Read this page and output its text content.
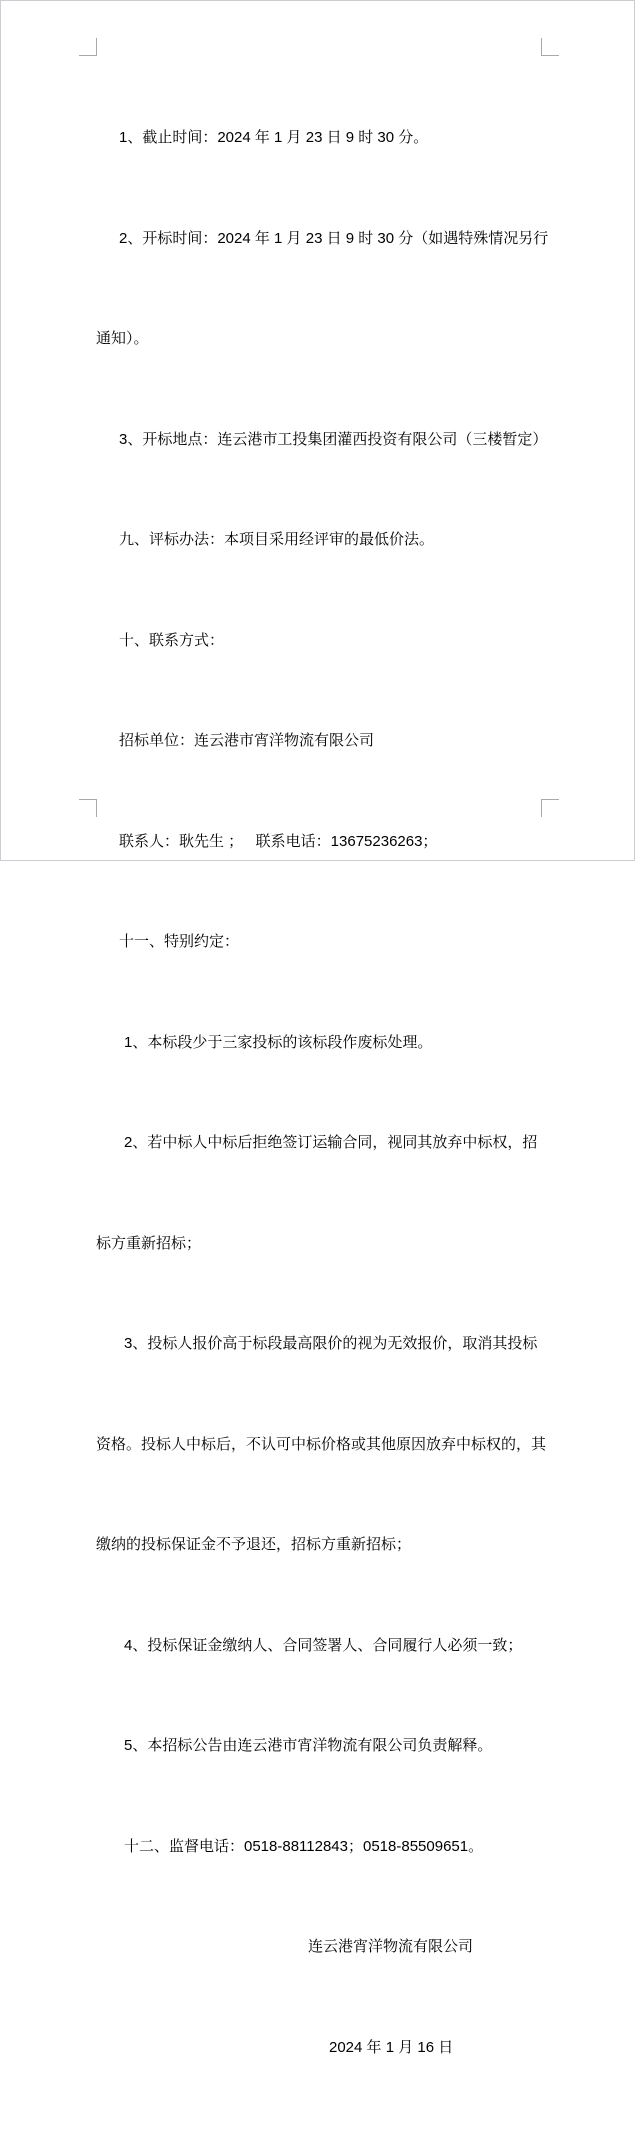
1、截止时间：2024 年 1 月 23 日 9 时 30 分。

2、开标时间：2024 年 1 月 23 日 9 时 30 分（如遇特殊情况另行

通知）。

3、开标地点：连云港市工投集团灌西投资有限公司（三楼暂定）

九、评标办法：本项目采用经评审的最低价法。

十、联系方式：

招标单位：连云港市宵洋物流有限公司

联系人：耿先生 ；   联系电话：13675236263；

十一、特别约定：

1、本标段少于三家投标的该标段作废标处理。

2、若中标人中标后拒绝签订运输合同，视同其放弃中标权，招

标方重新招标；

3、投标人报价高于标段最高限价的视为无效报价，取消其投标

资格。投标人中标后，不认可中标价格或其他原因放弃中标权的，其

缴纳的投标保证金不予退还，招标方重新招标；

4、投标保证金缴纳人、合同签署人、合同履行人必须一致；

5、本招标公告由连云港市宵洋物流有限公司负责解释。

十二、监督电话：0518-88112843；0518-85509651。

连云港宵洋物流有限公司

2024 年 1 月 16 日
